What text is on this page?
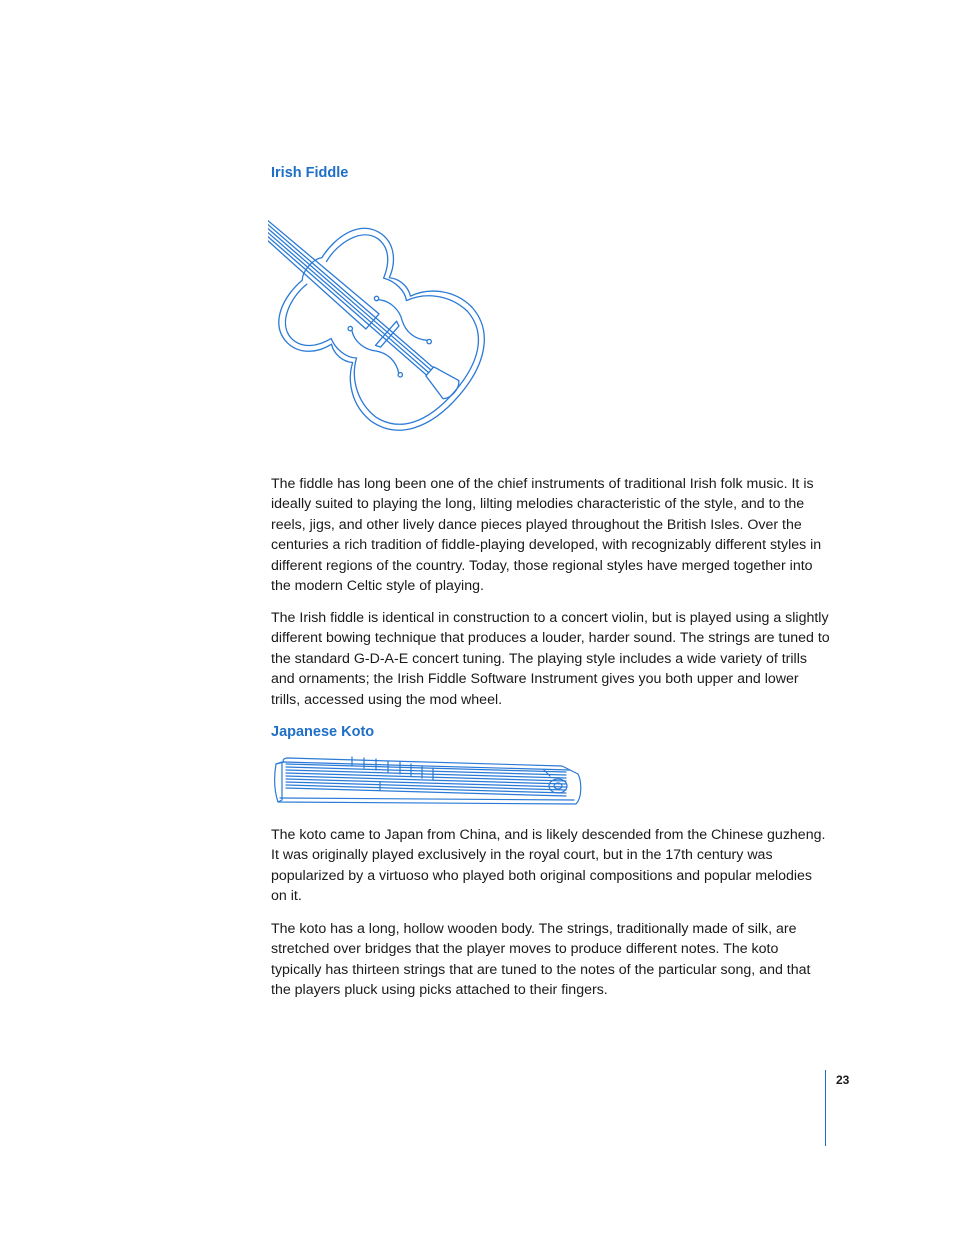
Irish Fiddle

The fiddle has long been one of the chief instruments of traditional Irish folk music. It is ideally suited to playing the long, lilting melodies characteristic of the style, and to the reels, jigs, and other lively dance pieces played throughout the British Isles. Over the centuries a rich tradition of fiddle-playing developed, with recognizably different styles in different regions of the country. Today, those regional styles have merged together into the modern Celtic style of playing.

The Irish fiddle is identical in construction to a concert violin, but is played using a slightly different bowing technique that produces a louder, harder sound. The strings are tuned to the standard G-D-A-E concert tuning. The playing style includes a wide variety of trills and ornaments; the Irish Fiddle Software Instrument gives you both upper and lower trills, accessed using the mod wheel.

Japanese Koto

The koto came to Japan from China, and is likely descended from the Chinese guzheng. It was originally played exclusively in the royal court, but in the 17th century was popularized by a virtuoso who played both original compositions and popular melodies on it.

The koto has a long, hollow wooden body. The strings, traditionally made of silk, are stretched over bridges that the player moves to produce different notes. The koto typically has thirteen strings that are tuned to the notes of the particular song, and that the players pluck using picks attached to their fingers.

23
